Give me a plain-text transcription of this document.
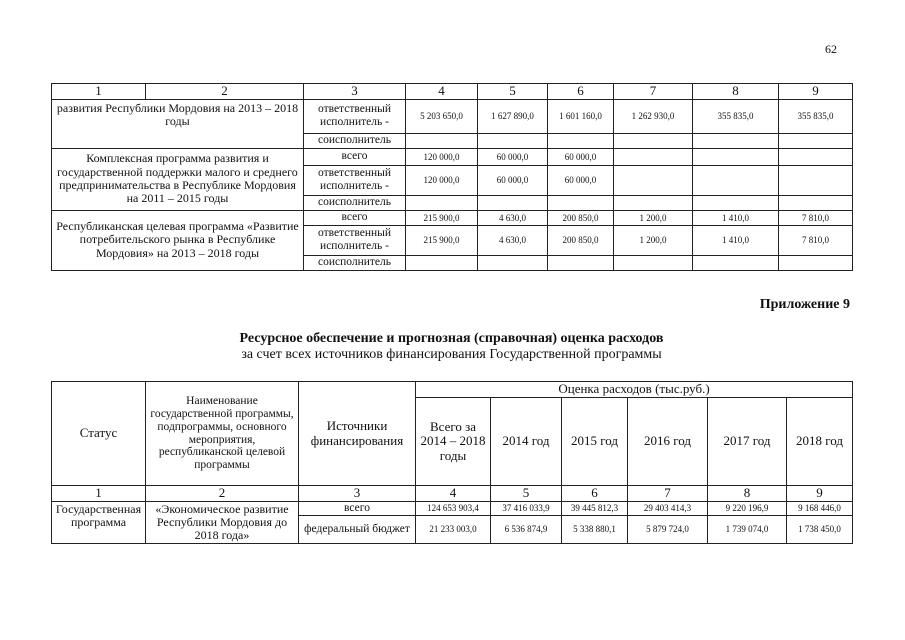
62
1	2	3	4	5	6	7	8	9
развития Республики Мордовия на 2013 – 2018 годы		ответственный исполнитель -	5 203 650,0	1 627 890,0	1 601 160,0	1 262 930,0	355 835,0	355 835,0
		соисполнитель						
Комплексная программа развития и государственной поддержки малого и среднего предпринимательства в Республике Мордовия на 2011 – 2015 годы		всего	120 000,0	60 000,0	60 000,0			
		ответственный исполнитель -	120 000,0	60 000,0	60 000,0			
		соисполнитель						
Республиканская целевая программа «Развитие потребительского рынка в Республике Мордовия» на 2013 – 2018 годы		всего	215 900,0	4 630,0	200 850,0	1 200,0	1 410,0	7 810,0
		ответственный исполнитель -	215 900,0	4 630,0	200 850,0	1 200,0	1 410,0	7 810,0
		соисполнитель						
Приложение 9
Ресурсное обеспечение и прогнозная (справочная) оценка расходов
за счет всех источников финансирования Государственной программы
Статус	Наименование государственной программы, подпрограммы, основного мероприятия, республиканской целевой программы	Источники финансирования	Оценка расходов (тыс.руб.)					
			Всего за 2014 – 2018 годы	2014 год	2015 год	2016 год	2017 год	2018 год
1	2	3	4	5	6	7	8	9
Государственная программа	«Экономическое развитие Республики Мордовия до 2018 года»	всего	124 653 903,4	37 416 033,9	39 445 812,3	29 403 414,3	9 220 196,9	9 168 446,0
		федеральный бюджет	21 233 003,0	6 536 874,9	5 338 880,1	5 879 724,0	1 739 074,0	1 738 450,0
